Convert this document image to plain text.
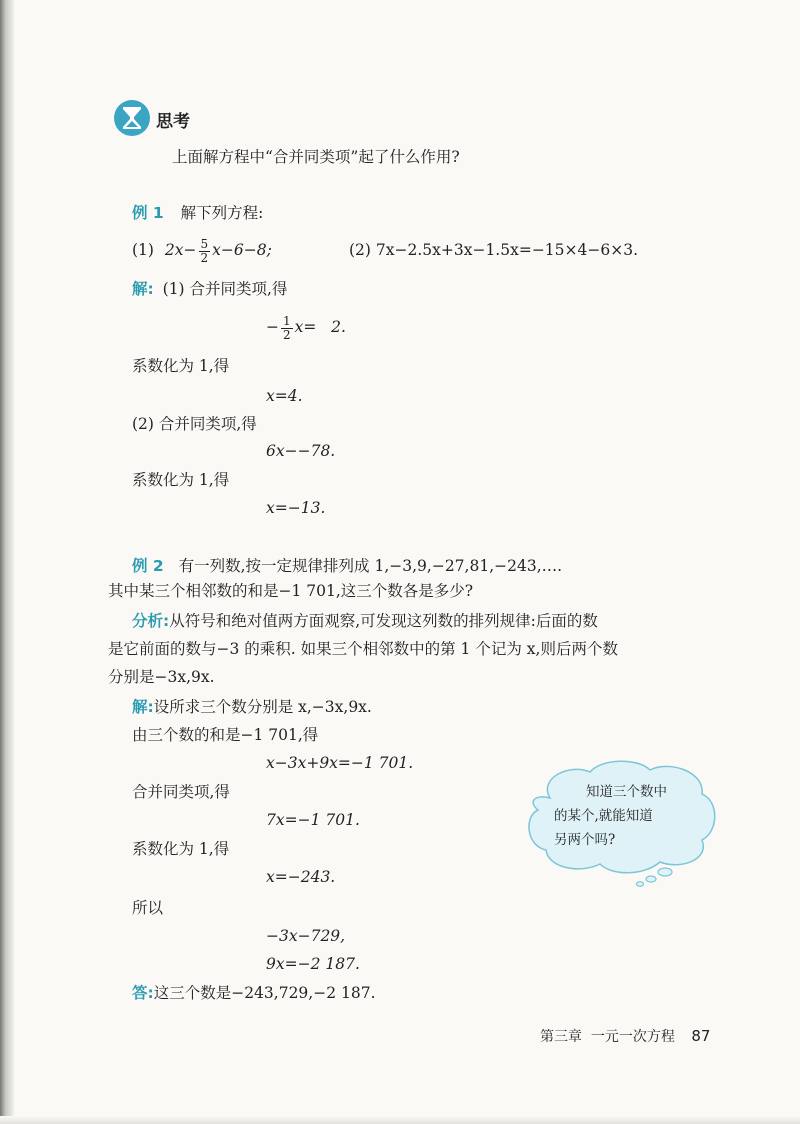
思考
上面解方程中“合并同类项”起了什么作用?
例 1 解下列方程:
(1) $2x- \frac{5}{2} x-6-8$;	(2) 7x−2.5x+3x−1.5x=−15×4−6×3.
解: (1) 合并同类项,得
− $\frac{1}{2} x= 2$.
系数化为 1,得
x=4.
(2) 合并同类项,得
6x−−78.
系数化为 1,得
x=−13.
例 2 有一列数,按一定规律排列成 1,−3,9,−27,81,−243,….
其中某三个相邻数的和是−1 701,这三个数各是多少?
分析:从符号和绝对值两方面观察,可发现这列数的排列规律:后面的数
是它前面的数与−3 的乘积. 如果三个相邻数中的第 1 个记为 x,则后两个数
分别是−3x,9x.
解:设所求三个数分别是 x,−3x,9x.
由三个数的和是−1 701,得
x−3x+9x=−1 701.
合并同类项,得
7x=−1 701.
系数化为 1,得
x=−243.
所以
−3x−729,
9x=−2 187.
答:这三个数是−243,729,−2 187.
知道三个数中
的某个,就能知道
另两个吗?
第三章  一元一次方程 87
